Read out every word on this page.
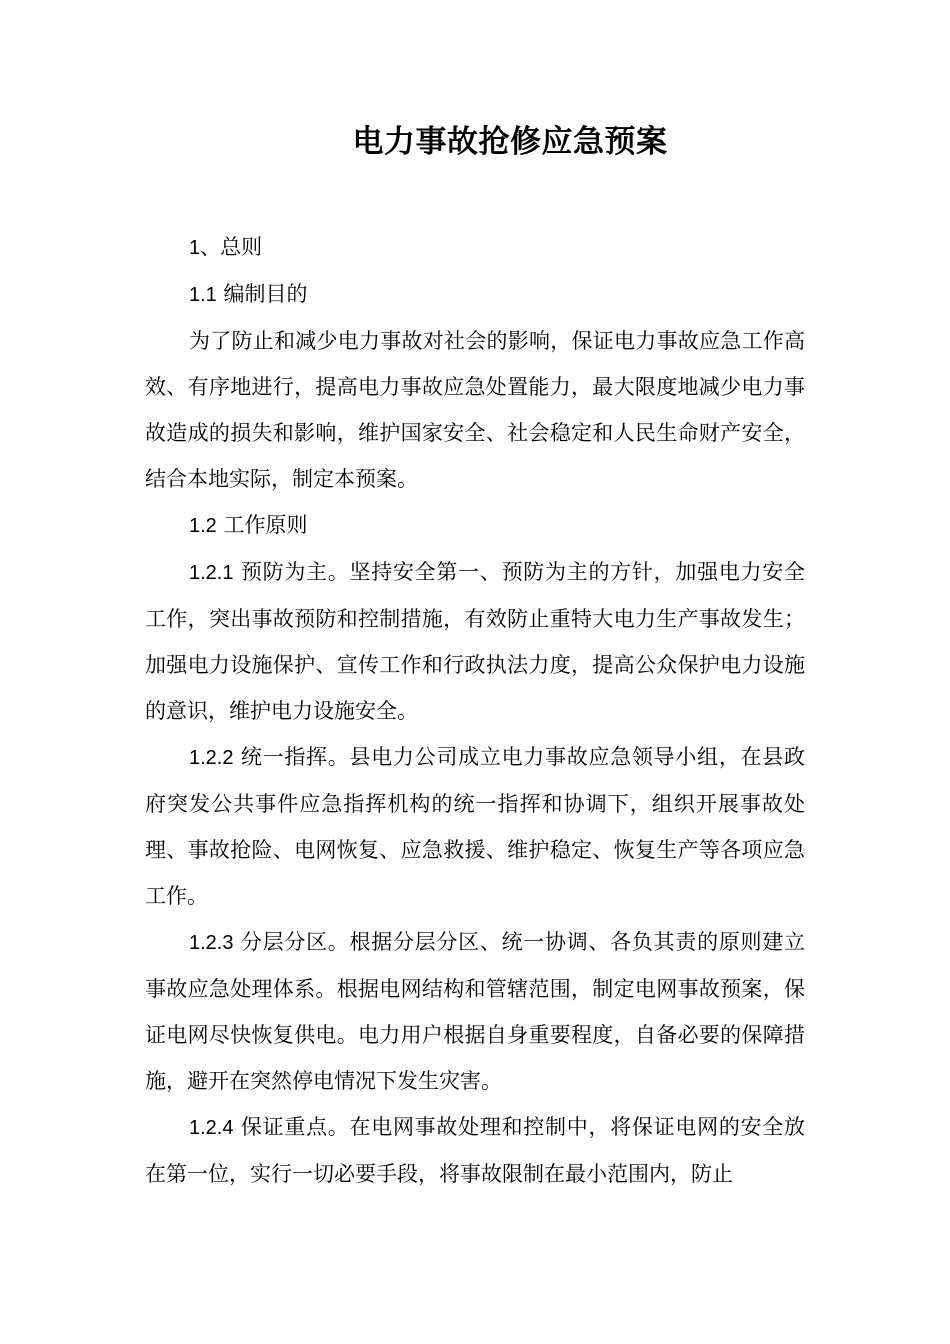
电力事故抢修应急预案

1、总则

1.1 编制目的

为了防止和减少电力事故对社会的影响，保证电力事故应急工作高效、有序地进行，提高电力事故应急处置能力，最大限度地减少电力事故造成的损失和影响，维护国家安全、社会稳定和人民生命财产安全，结合本地实际，制定本预案。

1.2 工作原则

1.2.1 预防为主。坚持安全第一、预防为主的方针，加强电力安全工作，突出事故预防和控制措施，有效防止重特大电力生产事故发生；加强电力设施保护、宣传工作和行政执法力度，提高公众保护电力设施的意识，维护电力设施安全。

1.2.2 统一指挥。县电力公司成立电力事故应急领导小组，在县政府突发公共事件应急指挥机构的统一指挥和协调下，组织开展事故处理、事故抢险、电网恢复、应急救援、维护稳定、恢复生产等各项应急工作。

1.2.3 分层分区。根据分层分区、统一协调、各负其责的原则建立事故应急处理体系。根据电网结构和管辖范围，制定电网事故预案，保证电网尽快恢复供电。电力用户根据自身重要程度，自备必要的保障措施，避开在突然停电情况下发生灾害。

1.2.4 保证重点。在电网事故处理和控制中，将保证电网的安全放在第一位，实行一切必要手段，将事故限制在最小范围内，防止
